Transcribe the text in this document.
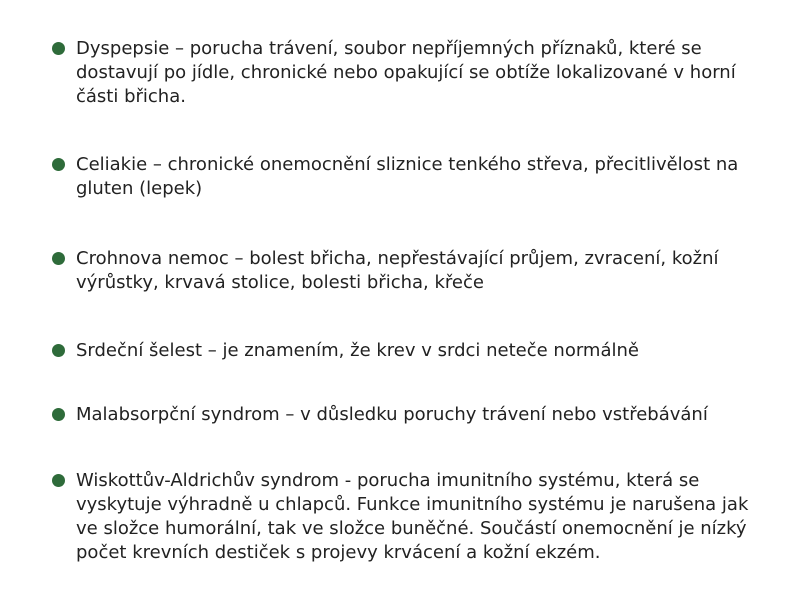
Dyspepsie – porucha trávení, soubor nepříjemných příznaků, které se dostavují po jídle, chronické nebo opakující se obtíže lokalizované v horní části břicha.
Celiakie – chronické onemocnění sliznice tenkého střeva, přecitlivělost na gluten (lepek)
Crohnova nemoc – bolest břicha, nepřestávající průjem, zvracení, kožní výrůstky, krvavá stolice, bolesti břicha, křeče
Srdeční šelest – je znamením, že krev v srdci neteče normálně
Malabsorpční syndrom – v důsledku poruchy trávení nebo vstřebávání
Wiskottův-Aldrichův syndrom - porucha imunitního systému, která se vyskytuje výhradně u chlapců. Funkce imunitního systému je narušena jak ve složce humorální, tak ve složce buněčné. Součástí onemocnění je nízký počet krevních destiček s projevy krvácení a kožní ekzém.
